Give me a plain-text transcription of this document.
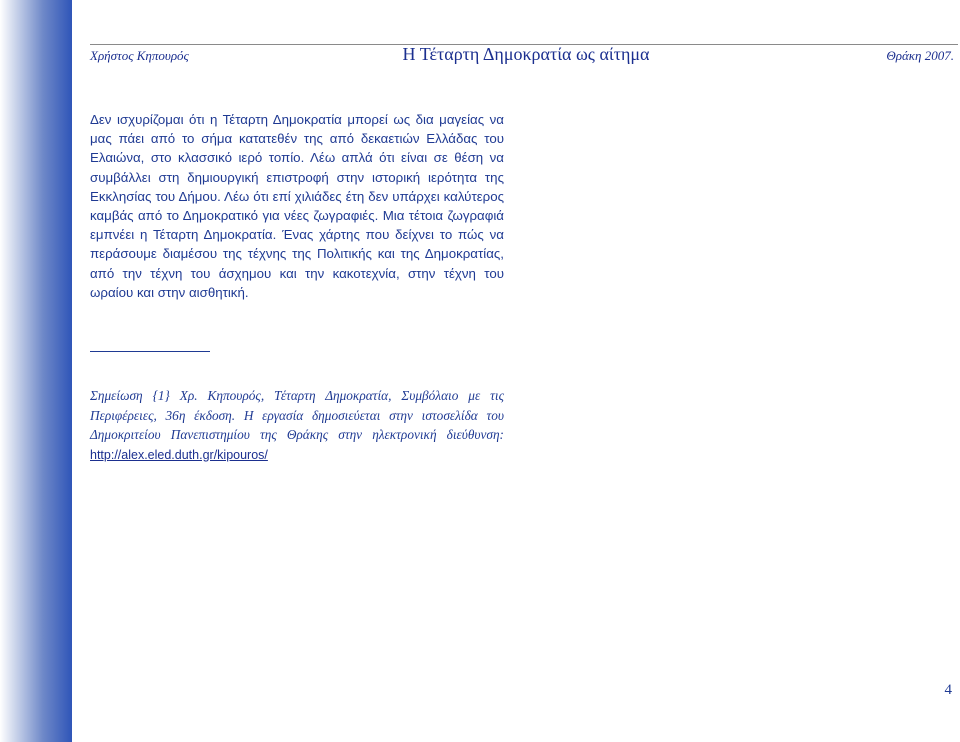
Χρήστος Κηπουρός	Η Τέταρτη Δημοκρατία ως αίτημα	Θράκη 2007.

Δεν ισχυρίζομαι ότι η Τέταρτη Δημοκρατία μπορεί ως δια μαγείας να μας πάει από το σήμα κατατεθέν της από δεκαετιών Ελλάδας του Ελαιώνα, στο κλασσικό ιερό τοπίο. Λέω απλά ότι είναι σε θέση να συμβάλλει στη δημιουργική επιστροφή στην ιστορική ιερότητα της Εκκλησίας του Δήμου. Λέω ότι επί χιλιάδες έτη δεν υπάρχει καλύτερος καμβάς από το Δημοκρατικό για νέες ζωγραφιές. Μια τέτοια ζωγραφιά εμπνέει η Τέταρτη Δημοκρατία. Ένας χάρτης που δείχνει το πώς να περάσουμε διαμέσου της τέχνης της Πολιτικής και της Δημοκρατίας, από την τέχνη του άσχημου και την κακοτεχνία, στην τέχνη του ωραίου και στην αισθητική.

Σημείωση {1} Χρ. Κηπουρός, Τέταρτη Δημοκρατία, Συμβόλαιο με τις Περιφέρειες, 36η έκδοση. Η εργασία δημοσιεύεται στην ιστοσελίδα του Δημοκριτείου Πανεπιστημίου της Θράκης στην ηλεκτρονική διεύθυνση: http://alex.eled.duth.gr/kipouros/
4
